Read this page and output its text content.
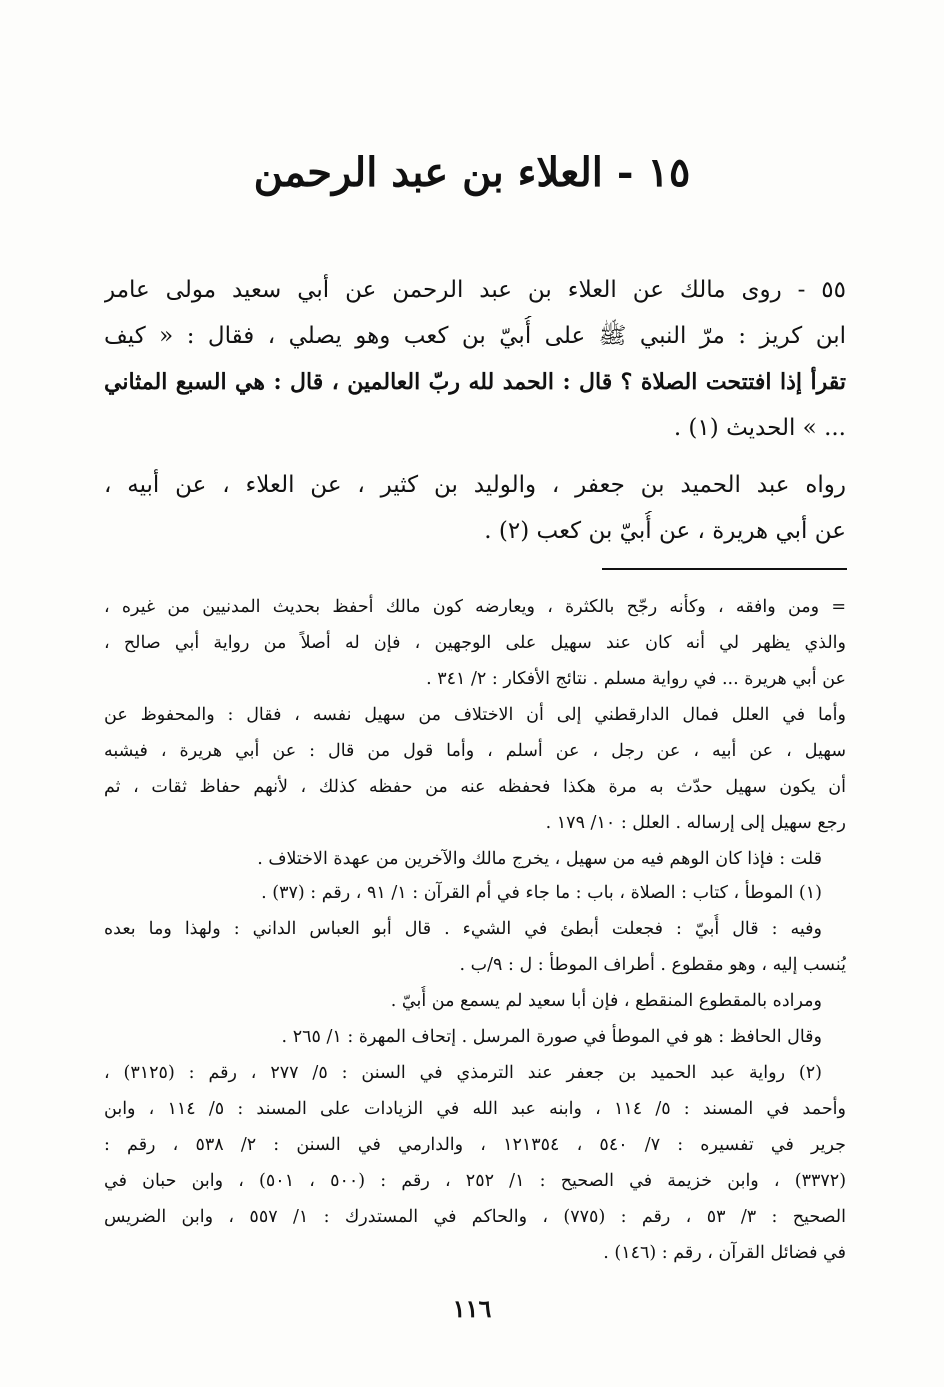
١٥ - العلاء بن عبد الرحمن
٥٥ - روى مالك عن العلاء بن عبد الرحمن عن أبي سعيد مولى عامر
ابن كريز : مرّ النبي ﷺ على أُبيّ بن كعب وهو يصلي ، فقال : « كيف
تقرأ إذا افتتحت الصلاة ؟ قال : الحمد لله ربّ العالمين ، قال : هي السبع المثاني
... » الحديث (١) .
رواه عبد الحميد بن جعفر ، والوليد بن كثير ، عن العلاء ، عن أبيه ،
عن أبي هريرة ، عن أُبيّ بن كعب (٢) .
= ومن وافقه ، وكأنه رجّح بالكثرة ، ويعارضه كون مالك أحفظ بحديث المدنيين من غيره ،
والذي يظهر لي أنه كان عند سهيل على الوجهين ، فإن له أصلاً من رواية أبي صالح ،
عن أبي هريرة ... في رواية مسلم . نتائج الأفكار : ٢/ ٣٤١ .
وأما في العلل فمال الدارقطني إلى أن الاختلاف من سهيل نفسه ، فقال : والمحفوظ عن
سهيل ، عن أبيه ، عن رجل ، عن أسلم ، وأما قول من قال : عن أبي هريرة ، فيشبه
أن يكون سهيل حدّث به مرة هكذا فحفظه عنه من حفظه كذلك ، لأنهم حفاظ ثقات ، ثم
رجع سهيل إلى إرساله . العلل : ١٠/ ١٧٩ .
قلت : فإذا كان الوهم فيه من سهيل ، يخرج مالك والآخرين من عهدة الاختلاف .
(١) الموطأ ، كتاب : الصلاة ، باب : ما جاء في أم القرآن : ١/ ٩١ ، رقم : (٣٧) .
وفيه : قال أُبيّ : فجعلت أبطئ في الشيء . قال أبو العباس الداني : ولهذا وما بعده
يُنسب إليه ، وهو مقطوع . أطراف الموطأ : ل : ٩/ب .
ومراده بالمقطوع المنقطع ، فإن أبا سعيد لم يسمع من أُبيّ .
وقال الحافظ : هو في الموطأ في صورة المرسل . إتحاف المهرة : ١/ ٢٦٥ .
(٢) رواية عبد الحميد بن جعفر عند الترمذي في السنن : ٥/ ٢٧٧ ، رقم : (٣١٢٥) ،
وأحمد في المسند : ٥/ ١١٤ ، وابنه عبد الله في الزيادات على المسند : ٥/ ١١٤ ، وابن
جرير في تفسيره : ٧/ ٥٤٠ ، ١٢١٣٥٤ ، والدارمي في السنن : ٢/ ٥٣٨ ، رقم :
(٣٣٧٢) ، وابن خزيمة في الصحيح : ١/ ٢٥٢ ، رقم : (٥٠٠ ، ٥٠١) ، وابن حبان في
الصحيح : ٣/ ٥٣ ، رقم : (٧٧٥) ، والحاكم في المستدرك : ١/ ٥٥٧ ، وابن الضريس
في فضائل القرآن ، رقم : (١٤٦) .
١١٦
